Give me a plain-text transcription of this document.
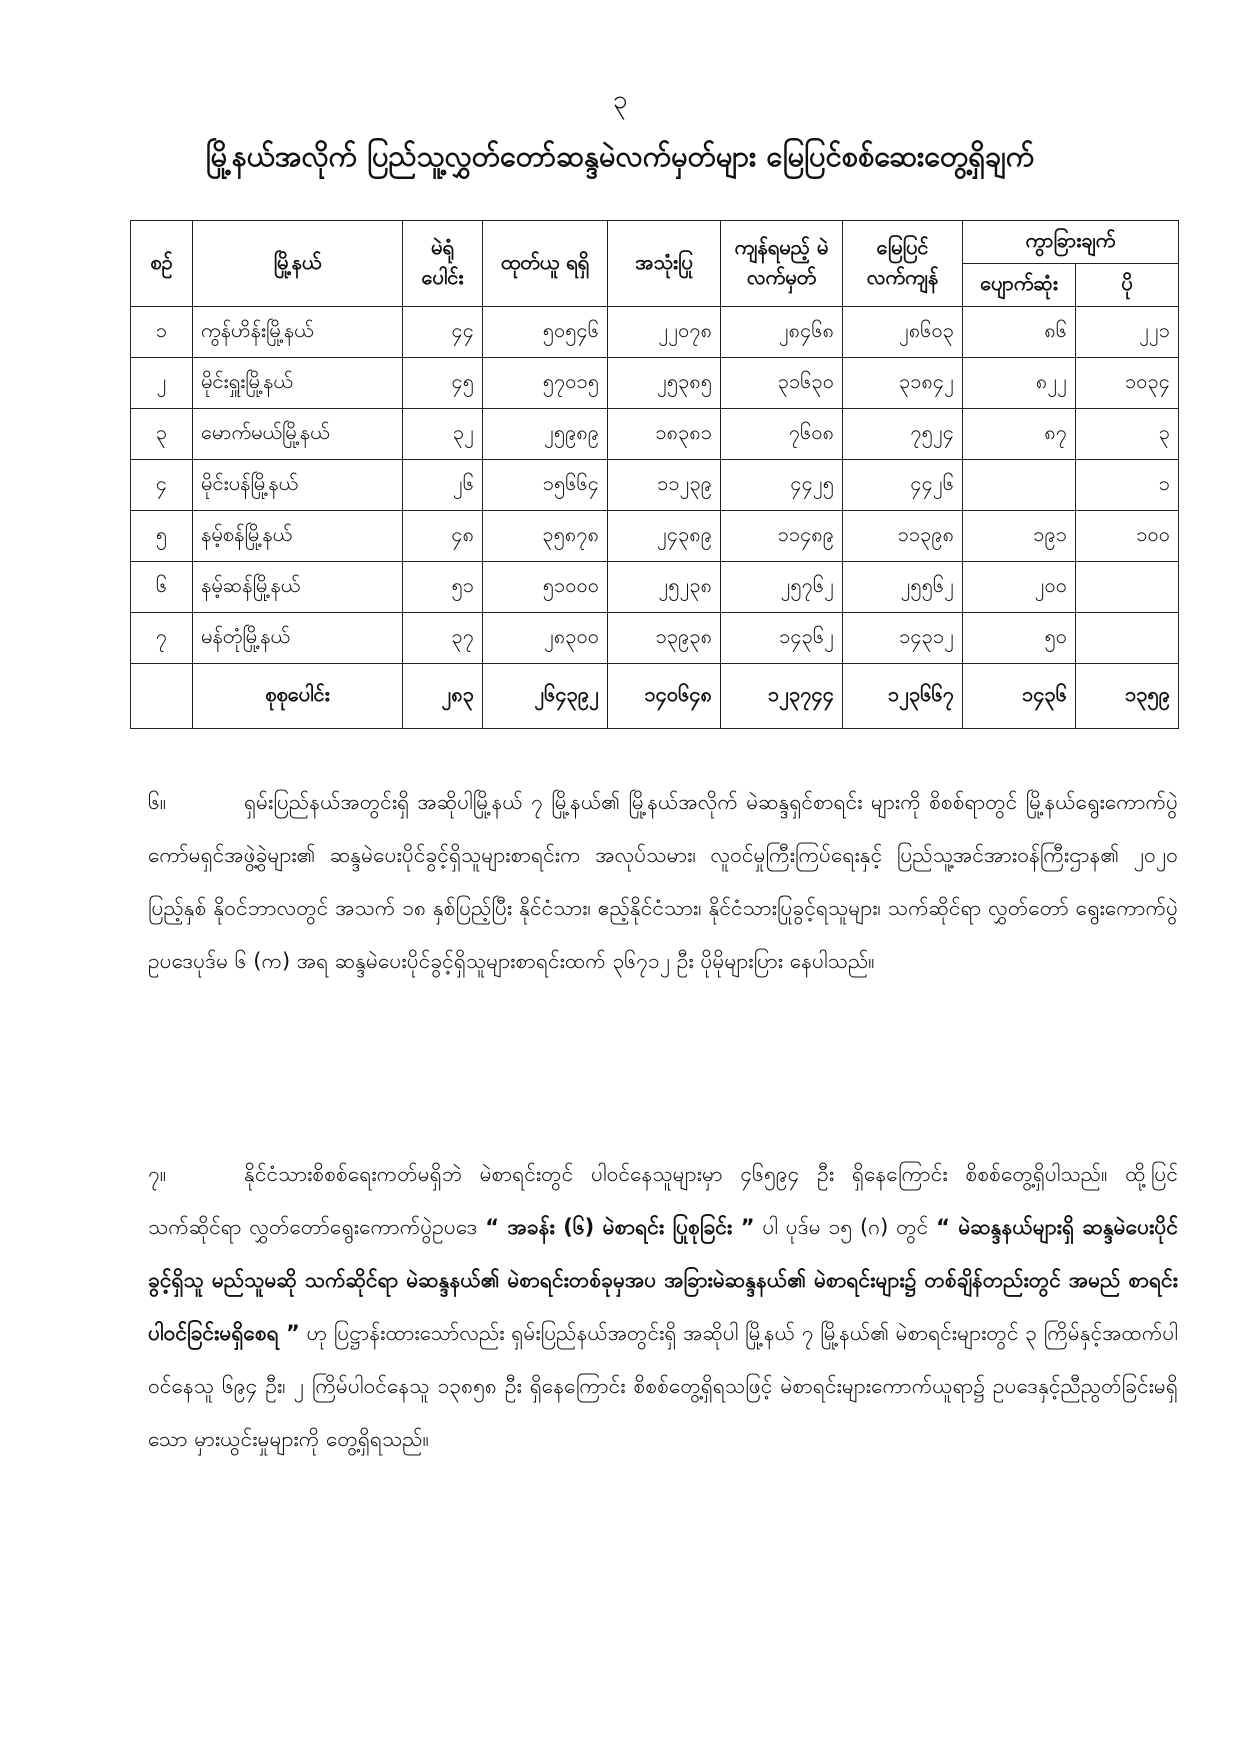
၃
မြို့နယ်အလိုက် ပြည်သူ့လွှတ်တော်ဆန္ဒမဲလက်မှတ်များ မြေပြင်စစ်ဆေးတွေ့ရှိချက်
စဉ်	မြို့နယ်	မဲရုံ ပေါင်း	ထုတ်ယူ ရရှိ	အသုံးပြု	ကျန်ရမည့် မဲလက်မှတ်	မြေပြင် လက်ကျန်	ကွာခြားချက်	
							ပျောက်ဆုံး	ပို
၁	ကွန်ဟိန်းမြို့နယ်	၄၄	၅၀၅၄၆	၂၂၀၇၈	၂၈၄၆၈	၂၈၆၀၃	၈၆	၂၂၁
၂	မိုင်းရှူးမြို့နယ်	၄၅	၅၇၀၁၅	၂၅၃၈၅	၃၁၆၃၀	၃၁၈၄၂	၈၂၂	၁၀၃၄
၃	မောက်မယ်မြို့နယ်	၃၂	၂၅၉၈၉	၁၈၃၈၁	၇၆၀၈	၇၅၂၄	၈၇	၃
၄	မိုင်းပန်မြို့နယ်	၂၆	၁၅၆၆၄	၁၁၂၃၉	၄၄၂၅	၄၄၂၆		၁
၅	နမ့်စန်မြို့နယ်	၄၈	၃၅၈၇၈	၂၄၃၈၉	၁၁၄၈၉	၁၁၃၉၈	၁၉၁	၁၀၀
၆	နမ့်ဆန်မြို့နယ်	၅၁	၅၁၀၀၀	၂၅၂၃၈	၂၅၇၆၂	၂၅၅၆၂	၂၀၀	
၇	မန်တုံမြို့နယ်	၃၇	၂၈၃၀၀	၁၃၉၃၈	၁၄၃၆၂	၁၄၃၁၂	၅၀	
	စုစုပေါင်း	၂၈၃	၂၆၄၃၉၂	၁၄၀၆၄၈	၁၂၃၇၄၄	၁၂၃၆၆၇	၁၄၃၆	၁၃၅၉
၆။	ရှမ်းပြည်နယ်အတွင်းရှိ အဆိုပါမြို့နယ် ၇ မြို့နယ်၏ မြို့နယ်အလိုက် မဲဆန္ဒရှင်စာရင်း များကို စိစစ်ရာတွင် မြို့နယ်ရွေးကောက်ပွဲကော်မရှင်အဖွဲ့ခွဲများ၏ ဆန္ဒမဲပေးပိုင်ခွင့်ရှိသူများစာရင်းက အလုပ်သမား၊ လူဝင်မှုကြီးကြပ်ရေးနှင့် ပြည်သူ့အင်အားဝန်ကြီးဌာန၏ ၂၀၂၀ ပြည့်နှစ် နိုဝင်ဘာလတွင် အသက် ၁၈ နှစ်ပြည့်ပြီး နိုင်ငံသား၊ ဧည့်နိုင်ငံသား၊ နိုင်ငံသားပြုခွင့်ရသူများ၊ သက်ဆိုင်ရာ လွှတ်တော် ရွေးကောက်ပွဲဥပဒေပုဒ်မ ၆ (က) အရ ဆန္ဒမဲပေးပိုင်ခွင့်ရှိသူများစာရင်းထက် ၃၆၇၁၂ ဦး ပိုမိုများပြား နေပါသည်။
၇။	နိုင်ငံသားစိစစ်ရေးကတ်မရှိဘဲ မဲစာရင်းတွင် ပါဝင်နေသူများမှာ ၄၆၅၉၄ ဦး ရှိနေကြောင်း စိစစ်တွေ့ရှိပါသည်။ ထို့ပြင် သက်ဆိုင်ရာ လွှတ်တော်ရွေးကောက်ပွဲဥပဒေ “ အခန်း (၆) မဲစာရင်း ပြုစုခြင်း ” ပါ ပုဒ်မ ၁၅ (ဂ) တွင် “ မဲဆန္ဒနယ်များရှိ ဆန္ဒမဲပေးပိုင်ခွင့်ရှိသူ မည်သူမဆို သက်ဆိုင်ရာ မဲဆန္ဒနယ်၏ မဲစာရင်းတစ်ခုမှအပ အခြားမဲဆန္ဒနယ်၏ မဲစာရင်းများ၌ တစ်ချိန်တည်းတွင် အမည် စာရင်း ပါဝင်ခြင်းမရှိစေရ ” ဟု ပြဋ္ဌာန်းထားသော်လည်း ရှမ်းပြည်နယ်အတွင်းရှိ အဆိုပါ မြို့နယ် ၇ မြို့နယ်၏ မဲစာရင်းများတွင် ၃ ကြိမ်နှင့်အထက်ပါဝင်နေသူ ၆၉၄ ဦး၊ ၂ ကြိမ်ပါဝင်နေသူ ၁၃၈၅၈ ဦး ရှိနေကြောင်း စိစစ်တွေ့ရှိရသဖြင့် မဲစာရင်းများကောက်ယူရာ၌ ဥပဒေနှင့်ညီညွတ်ခြင်းမရှိသော မှားယွင်းမှုများကို တွေ့ရှိရသည်။
